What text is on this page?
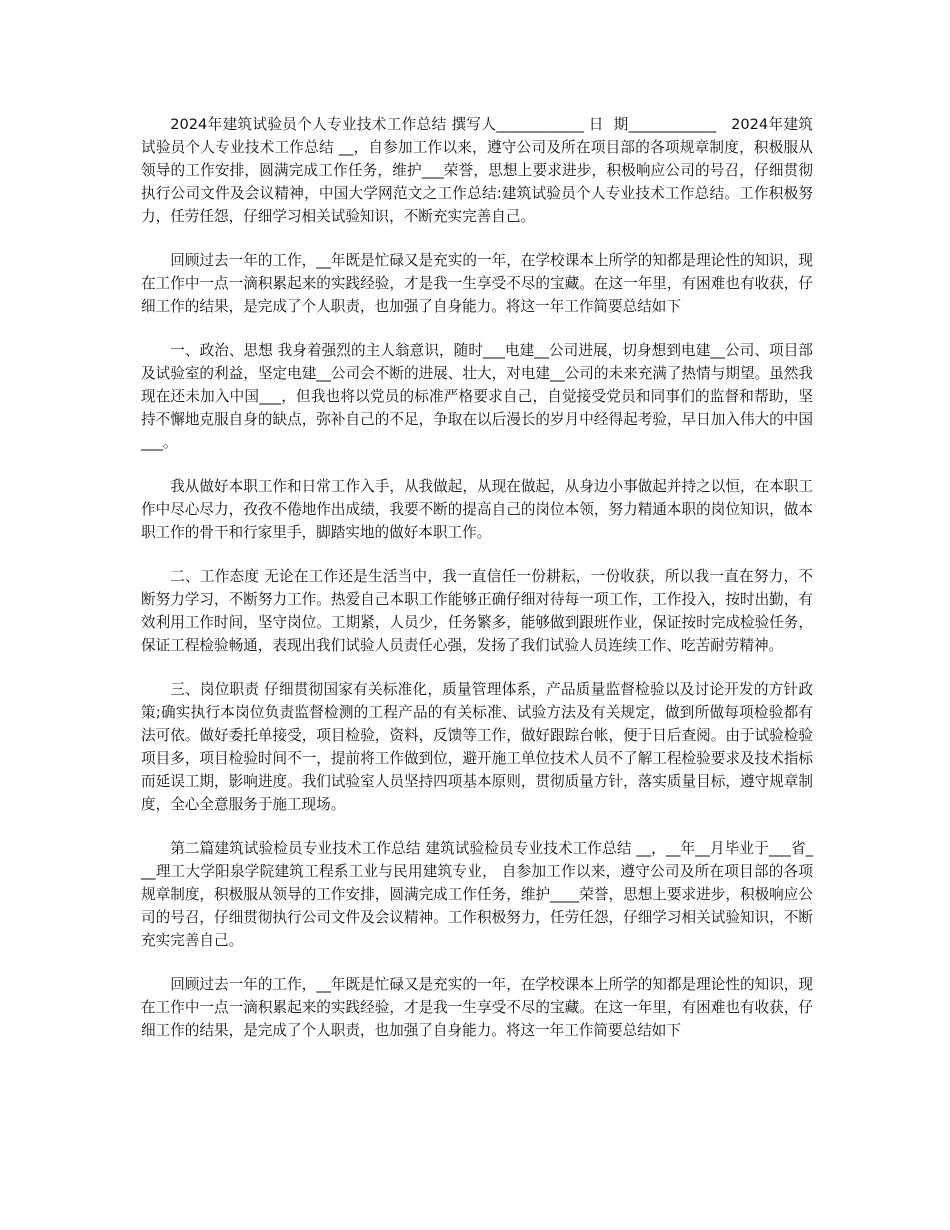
2024年建筑试验员个人专业技术工作总结 撰写人____________ 日  期____________   2024年建筑试验员个人专业技术工作总结 __，自参加工作以来，遵守公司及所在项目部的各项规章制度，积极服从领导的工作安排，圆满完成工作任务，维护___荣誉，思想上要求进步，积极响应公司的号召，仔细贯彻执行公司文件及会议精神，中国大学网范文之工作总结:建筑试验员个人专业技术工作总结。工作积极努力，任劳任怨，仔细学习相关试验知识，不断充实完善自己。

回顾过去一年的工作，__年既是忙碌又是充实的一年，在学校课本上所学的知都是理论性的知识，现在工作中一点一滴积累起来的实践经验，才是我一生享受不尽的宝藏。在这一年里，有困难也有收获，仔细工作的结果，是完成了个人职责，也加强了自身能力。将这一年工作简要总结如下

一、政治、思想 我身着强烈的主人翁意识，随时___电建__公司进展，切身想到电建__公司、项目部及试验室的利益，坚定电建__公司会不断的进展、壮大，对电建__公司的未来充满了热情与期望。虽然我现在还未加入中国___，但我也将以党员的标准严格要求自己，自觉接受党员和同事们的监督和帮助，坚持不懈地克服自身的缺点，弥补自己的不足，争取在以后漫长的岁月中经得起考验，早日加入伟大的中国___。

我从做好本职工作和日常工作入手，从我做起，从现在做起，从身边小事做起并持之以恒，在本职工作中尽心尽力，孜孜不倦地作出成绩，我要不断的提高自己的岗位本领，努力精通本职的岗位知识，做本职工作的骨干和行家里手，脚踏实地的做好本职工作。

二、工作态度 无论在工作还是生活当中，我一直信任一份耕耘，一份收获，所以我一直在努力，不断努力学习，不断努力工作。热爱自己本职工作能够正确仔细对待每一项工作，工作投入，按时出勤，有效利用工作时间，坚守岗位。工期紧，人员少，任务繁多，能够做到跟班作业，保证按时完成检验任务，保证工程检验畅通，表现出我们试验人员责任心强，发扬了我们试验人员连续工作、吃苦耐劳精神。

三、岗位职责 仔细贯彻国家有关标准化，质量管理体系，产品质量监督检验以及讨论开发的方针政策;确实执行本岗位负责监督检测的工程产品的有关标准、试验方法及有关规定，做到所做每项检验都有法可依。做好委托单接受，项目检验，资料，反馈等工作，做好跟踪台帐，便于日后查阅。由于试验检验项目多，项目检验时间不一，提前将工作做到位，避开施工单位技术人员不了解工程检验要求及技术指标而延误工期，影响进度。我们试验室人员坚持四项基本原则，贯彻质量方针，落实质量目标，遵守规章制度，全心全意服务于施工现场。

第二篇建筑试验检员专业技术工作总结 建筑试验检员专业技术工作总结 __，__年__月毕业于___省___理工大学阳泉学院建筑工程系工业与民用建筑专业， 自参加工作以来，遵守公司及所在项目部的各项规章制度，积极服从领导的工作安排，圆满完成工作任务，维护____荣誉，思想上要求进步，积极响应公司的号召，仔细贯彻执行公司文件及会议精神。工作积极努力，任劳任怨，仔细学习相关试验知识，不断充实完善自己。

回顾过去一年的工作，__年既是忙碌又是充实的一年，在学校课本上所学的知都是理论性的知识，现在工作中一点一滴积累起来的实践经验，才是我一生享受不尽的宝藏。在这一年里，有困难也有收获，仔细工作的结果，是完成了个人职责，也加强了自身能力。将这一年工作简要总结如下
